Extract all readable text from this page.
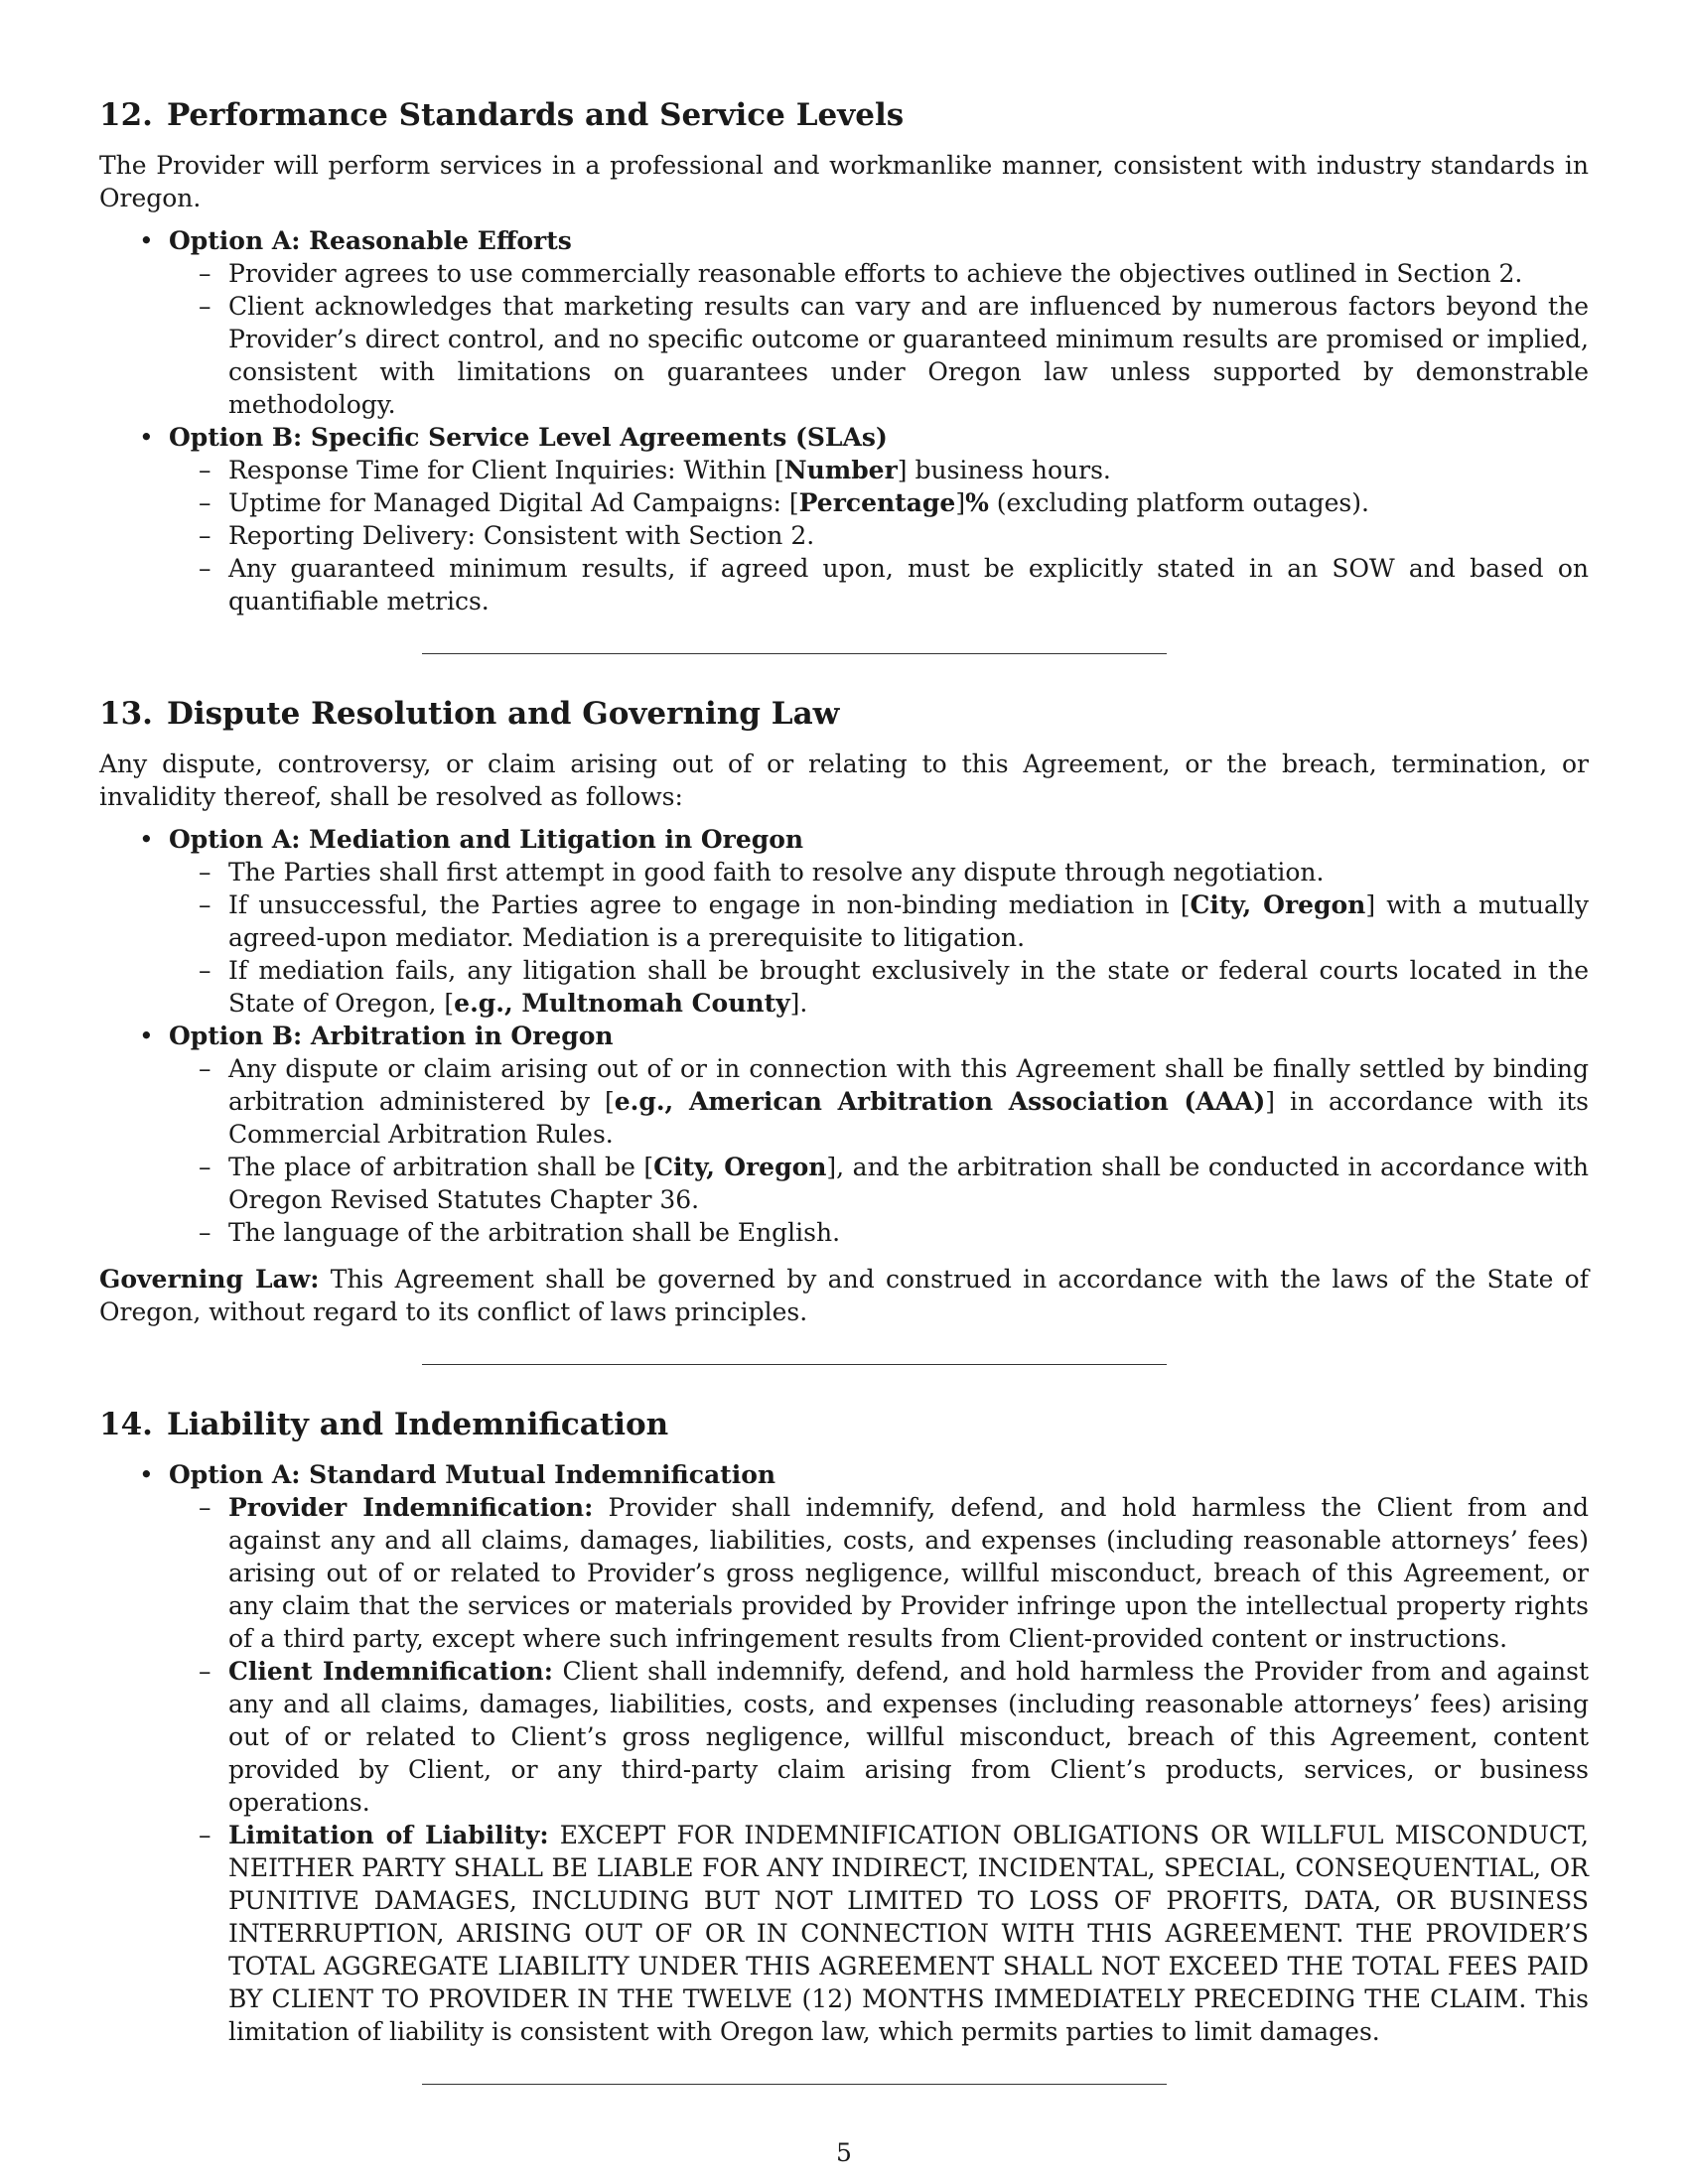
12. Performance Standards and Service Levels

The Provider will perform services in a professional and workmanlike manner, consistent with industry standards in Oregon.

• Option A: Reasonable Efforts
– Provider agrees to use commercially reasonable efforts to achieve the objectives outlined in Section 2.
– Client acknowledges that marketing results can vary and are influenced by numerous factors beyond the Provider’s direct control, and no specific outcome or guaranteed minimum results are promised or implied, consistent with limitations on guarantees under Oregon law unless supported by demonstrable methodology.
• Option B: Specific Service Level Agreements (SLAs)
– Response Time for Client Inquiries: Within [Number] business hours.
– Uptime for Managed Digital Ad Campaigns: [Percentage]% (excluding platform outages).
– Reporting Delivery: Consistent with Section 2.
– Any guaranteed minimum results, if agreed upon, must be explicitly stated in an SOW and based on quantifiable metrics.
13. Dispute Resolution and Governing Law

Any dispute, controversy, or claim arising out of or relating to this Agreement, or the breach, termination, or invalidity thereof, shall be resolved as follows:

• Option A: Mediation and Litigation in Oregon
– The Parties shall first attempt in good faith to resolve any dispute through negotiation.
– If unsuccessful, the Parties agree to engage in non-binding mediation in [City, Oregon] with a mutually agreed-upon mediator. Mediation is a prerequisite to litigation.
– If mediation fails, any litigation shall be brought exclusively in the state or federal courts located in the State of Oregon, [e.g., Multnomah County].
• Option B: Arbitration in Oregon
– Any dispute or claim arising out of or in connection with this Agreement shall be finally settled by binding arbitration administered by [e.g., American Arbitration Association (AAA)] in accordance with its Commercial Arbitration Rules.
– The place of arbitration shall be [City, Oregon], and the arbitration shall be conducted in accordance with Oregon Revised Statutes Chapter 36.
– The language of the arbitration shall be English.

Governing Law: This Agreement shall be governed by and construed in accordance with the laws of the State of Oregon, without regard to its conflict of laws principles.

14. Liability and Indemnification
• Option A: Standard Mutual Indemnification
– Provider Indemnification: Provider shall indemnify, defend, and hold harmless the Client from and against any and all claims, damages, liabilities, costs, and expenses (including reasonable attorneys’ fees) arising out of or related to Provider’s gross negligence, willful misconduct, breach of this Agreement, or any claim that the services or materials provided by Provider infringe upon the intellectual property rights of a third party, except where such infringement results from Client-provided content or instructions.
– Client Indemnification: Client shall indemnify, defend, and hold harmless the Provider from and against any and all claims, damages, liabilities, costs, and expenses (including reasonable attorneys’ fees) arising out of or related to Client’s gross negligence, willful misconduct, breach of this Agreement, content provided by Client, or any third-party claim arising from Client’s products, services, or business operations.
– Limitation of Liability: EXCEPT FOR INDEMNIFICATION OBLIGATIONS OR WILLFUL MISCONDUCT, NEITHER PARTY SHALL BE LIABLE FOR ANY INDIRECT, INCIDENTAL, SPECIAL, CONSEQUENTIAL, OR PUNITIVE DAMAGES, INCLUDING BUT NOT LIMITED TO LOSS OF PROFITS, DATA, OR BUSINESS INTERRUPTION, ARISING OUT OF OR IN CONNECTION WITH THIS AGREEMENT. THE PROVIDER’S TOTAL AGGREGATE LIABILITY UNDER THIS AGREEMENT SHALL NOT EXCEED THE TOTAL FEES PAID BY CLIENT TO PROVIDER IN THE TWELVE (12) MONTHS IMMEDIATELY PRECEDING THE CLAIM. This limitation of liability is consistent with Oregon law, which permits parties to limit damages.
5
